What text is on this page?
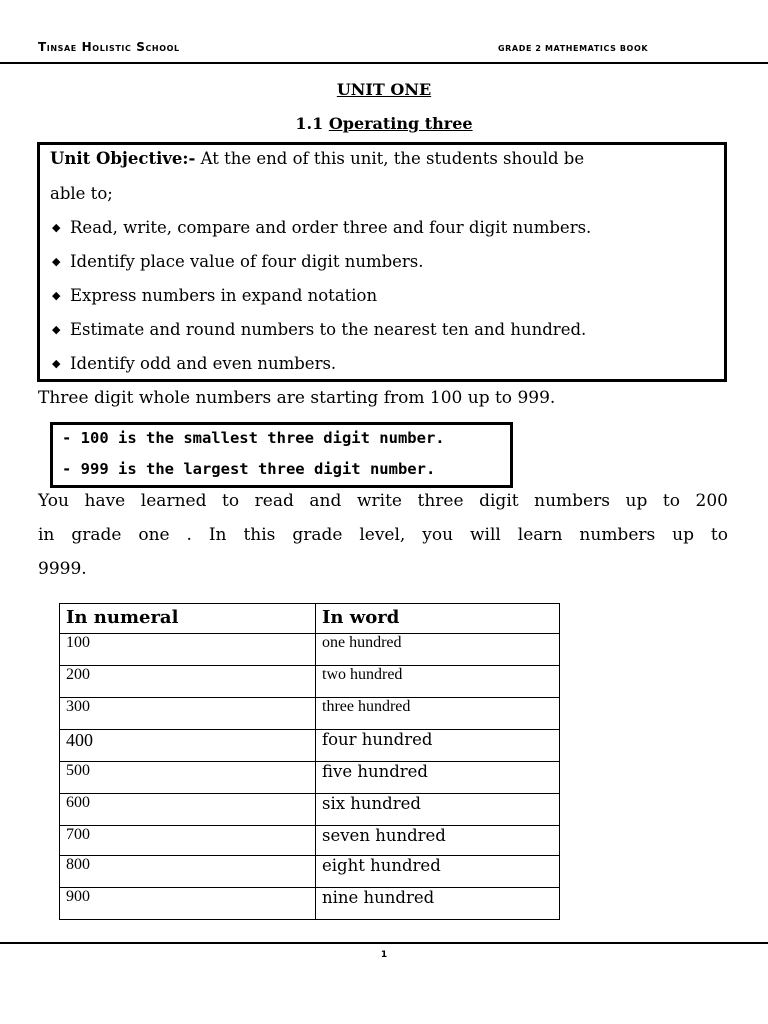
Tinsae Holistic School	GRADE 2 MATHEMATICS BOOK
UNIT ONE
1.1 Operating three
Unit Objective:- At the end of this unit, the students should be
able to;
◆ Read, write, compare and order three and four digit numbers.
◆ Identify place value of four digit numbers.
◆ Express numbers in expand notation
◆ Estimate and round numbers to the nearest ten and hundred.
◆ Identify odd and even numbers.
Three digit whole numbers are starting from 100 up to 999.
- 100 is the smallest three digit number.
- 999 is the largest three digit number.
You have learned to read and write three digit numbers up to 200
in grade one . In this grade level, you will learn numbers up to
9999.
In numeral	In word
100	one hundred
200	two hundred
300	three hundred
400	four hundred
500	five hundred
600	six hundred
700	seven hundred
800	eight hundred
900	nine hundred
1
